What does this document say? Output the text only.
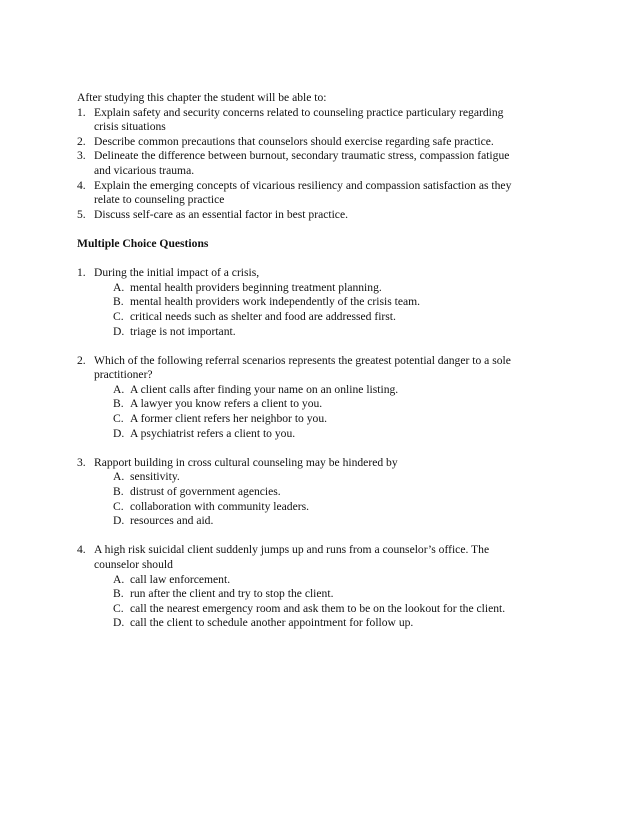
After studying this chapter the student will be able to:
1. Explain safety and security concerns related to counseling practice particulary regarding
crisis situations
2. Describe common precautions that counselors should exercise regarding safe practice.
3. Delineate the difference between burnout, secondary traumatic stress, compassion fatigue
and vicarious trauma.
4. Explain the emerging concepts of vicarious resiliency and compassion satisfaction as they
relate to counseling practice
5. Discuss self-care as an essential factor in best practice.
Multiple Choice Questions
1. During the initial impact of a crisis,
A. mental health providers beginning treatment planning.
B. mental health providers work independently of the crisis team.
C. critical needs such as shelter and food are addressed first.
D. triage is not important.
2. Which of the following referral scenarios represents the greatest potential danger to a sole
practitioner?
A. A client calls after finding your name on an online listing.
B. A lawyer you know refers a client to you.
C. A former client refers her neighbor to you.
D. A psychiatrist refers a client to you.
3. Rapport building in cross cultural counseling may be hindered by
A. sensitivity.
B. distrust of government agencies.
C. collaboration with community leaders.
D. resources and aid.
4. A high risk suicidal client suddenly jumps up and runs from a counselor’s office. The
counselor should
A. call law enforcement.
B. run after the client and try to stop the client.
C. call the nearest emergency room and ask them to be on the lookout for the client.
D. call the client to schedule another appointment for follow up.
